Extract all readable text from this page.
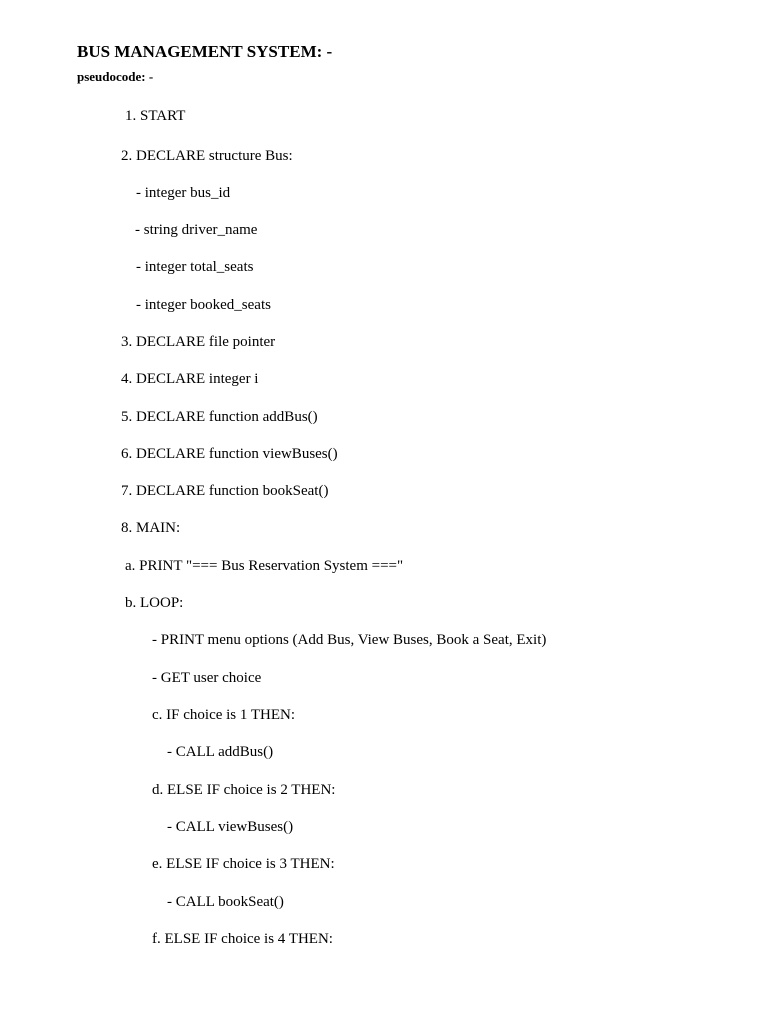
BUS MANAGEMENT SYSTEM: -
pseudocode: -
1. START
2. DECLARE structure Bus:
- integer bus_id
- string driver_name
- integer total_seats
- integer booked_seats
3. DECLARE file pointer
4. DECLARE integer i
5. DECLARE function addBus()
6. DECLARE function viewBuses()
7. DECLARE function bookSeat()
8. MAIN:
a. PRINT "=== Bus Reservation System ==="
b. LOOP:
- PRINT menu options (Add Bus, View Buses, Book a Seat, Exit)
- GET user choice
c. IF choice is 1 THEN:
- CALL addBus()
d. ELSE IF choice is 2 THEN:
- CALL viewBuses()
e. ELSE IF choice is 3 THEN:
- CALL bookSeat()
f. ELSE IF choice is 4 THEN:
